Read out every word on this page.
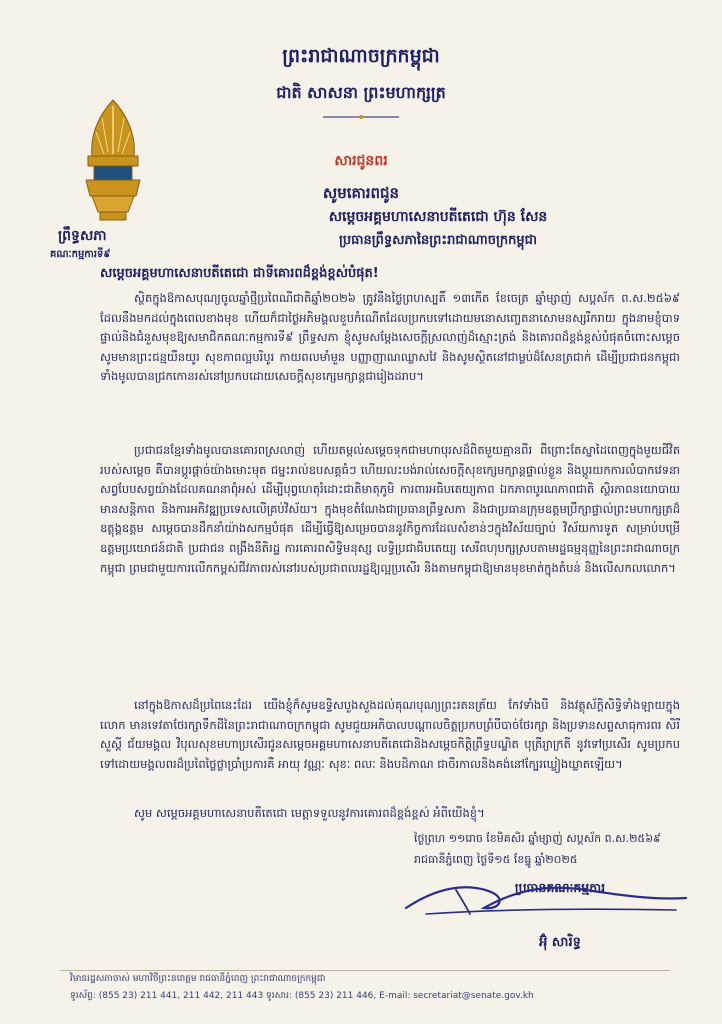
ព្រះរាជាណាចក្រកម្ពុជា
ជាតិ សាសនា ព្រះមហាក្សត្រ
ព្រឹទ្ធសភា
គណៈកម្មការទី៩
សារជូនពរ
សូមគោរពជូន
សម្តេចអគ្គមហាសេនាបតីតេជោ ហ៊ុន សែន
ប្រធានព្រឹទ្ធសភានៃព្រះរាជាណាចក្រកម្ពុជា
សម្តេចអគ្គមហាសេនាបតីតេជោ ជាទីគោរពដ៏ខ្ពង់ខ្ពស់បំផុត!
ស្ថិតក្នុងឱកាសបុណ្យចូលឆ្នាំថ្មីប្រពៃណីជាតិឆ្នាំ២០២៦ ត្រូវនឹងថ្ងៃព្រហស្បតិ៍ ១៣កើត ខែចេត្រ ឆ្នាំម្សាញ់ សប្តស័ក ព.ស.២៥៦៩ ដែលនឹងមកដល់ក្នុងពេលខាងមុខ ហើយក៏ជាថ្ងៃអភិមង្គលខួបកំណើតដែលប្រកបទៅដោយមនោសញ្ចេតនាសោមនស្សរីករាយ ក្នុងនាមខ្ញុំបាទផ្ទាល់និងជំនួសមុខឱ្យសមាជិកគណៈកម្មការទី៩ ព្រឹទ្ធសភា ខ្ញុំសូមសម្តែងសេចក្តីស្រលាញ់ដ៏ស្មោះត្រង់ និងគោរពដ៏ខ្ពង់ខ្ពស់បំផុតចំពោះសម្តេច សូមមានព្រះជន្មយឺនយូរ សុខភាពល្អបរិបូរ កាយពលមាំមួន បញ្ញាញាណឈ្លាសវៃ និងសូមស្ថិតនៅជាម្លប់ដ៏សែនត្រជាក់ ដើម្បីប្រជាជនកម្ពុជាទាំងមូលបានជ្រកកោនរស់នៅប្រកបដោយសេចក្តីសុខក្សេមក្សាន្តជារៀងដរាប។
ប្រជាជនខ្មែរទាំងមូលបានគោរពស្រលាញ់ ហើយតម្កល់សម្តេចទុកជាមហាបុរសដ៏ពិតមួយគ្មានពីរ ពីព្រោះតែស្នាដៃពេញក្នុងមួយជីវិតរបស់សម្តេច គឺបានប្តូរផ្តាច់យ៉ាងមោះមុត ជម្នះរាល់ឧបសគ្គធំៗ ហើយលះបង់រាល់សេចក្តីសុខក្សេមក្សាន្តផ្ទាល់ខ្លួន និងប្តូរយកការលំបាកវេទនាសព្វបែបសព្វយ៉ាងដែលគណនាពុំអស់ ដើម្បីបុព្វហេតុរំដោះជាតិមាតុភូមិ ការពារអធិបតេយ្យភាព ឯកភាពបូរណភាពជាតិ ស្ថិរភាពនយោបាយ មានសន្តិភាព និងការអភិវឌ្ឍប្រទេសលើគ្រប់វិស័យ។ ក្នុងមុខតំណែងជាប្រធានព្រឹទ្ធសភា និងជាប្រធានក្រុមឧត្តមប្រឹក្សាផ្ទាល់ព្រះមហាក្សត្រដ៏ឧត្តុង្គឧត្តម សម្តេចបានដឹកនាំយ៉ាងសកម្មបំផុត ដើម្បីធ្វើឱ្យសម្រេចបាននូវកិច្ចការដែលសំខាន់ៗក្នុងវិស័យច្បាប់ វិស័យការទូត សម្រាប់បម្រើឧត្តមប្រយោជន៍ជាតិ ប្រជាជន ពង្រឹងនីតិរដ្ឋ ការគោរពសិទ្ធិមនុស្ស លទ្ធិប្រជាធិបតេយ្យ សេរីពហុបក្សស្របតាមរដ្ឋធម្មនុញ្ញនៃព្រះរាជាណាចក្រកម្ពុជា ព្រមជាមួយការលើកកម្ពស់ជីវភាពរស់នៅរបស់ប្រជាពលរដ្ឋឱ្យល្អប្រសើរ និងតាមកម្ពុជាឱ្យមានមុខមាត់ក្នុងតំបន់ និងលើសកលលោក។
នៅក្នុងឱកាសដ៏ប្រពៃនេះដែរ យើងខ្ញុំក៏សូមឧទ្ទិសបួងសួងដល់គុណបុណ្យព្រះរតនត្រ័យ កែវទាំងបី និងវត្ថុស័ក្តិសិទ្ធិទាំងឡាយក្នុងលោក មានទេវតាថែរក្សាទឹកដីនៃព្រះរាជាណាចក្រកម្ពុជា សូមជួយអភិបាលបណ្តាលចិត្តប្រកបព្រំបីបាច់ថែរក្សា និងប្រទានសព្ទសាធុការពរ សិរីសួស្តី ជ័យមង្គល វិបុលសុខមហាប្រសើរជូនសម្តេចអគ្គមហាសេនាបតីតេជោនិងសម្តេចកិត្តិព្រឹទ្ធបណ្ឌិត បុត្រីរ្យាក្រតី នូវទៅប្រសើរ សូមប្រកបទៅដោយមង្គលពរដ៏ប្រពៃថ្លៃថ្លាប្រាំប្រការគឺ អាយុ វណ្ណៈ សុខៈ ពលៈ និងបដិភាណ ជាចីរកាលនិងគង់នៅក្បែរឃ្លៀងឃ្លាតឡើយ។
សូម សម្តេចអគ្គមហាសេនាបតីតេជោ មេត្តាទទួលនូវការគោរពដ៏ខ្ពង់ខ្ពស់ អំពីយើងខ្ញុំ។
ថ្ងៃព្រហ ១១រោច ខែមិគសិរ ឆ្នាំម្សាញ់ សប្តស័ក ព.ស.២៥៦៩
រាជធានីភ្នំពេញ ថ្ងៃទី១៥ ខែធ្នូ ឆ្នាំ២០២៥
ប្រធានគណៈកម្មការ
អ៊ុំ សារិទ្ធ
វិមានរដ្ឋសភាចាស់ មហាវិថីព្រះនរោត្តម រាជធានីភ្នំពេញ ព្រះរាជាណាចក្រកម្ពុជា
ទូរស័ព្ទ: (855 23) 211 441, 211 442, 211 443 ទូរសារ: (855 23) 211 446, E-mail: secretariat@senate.gov.kh
